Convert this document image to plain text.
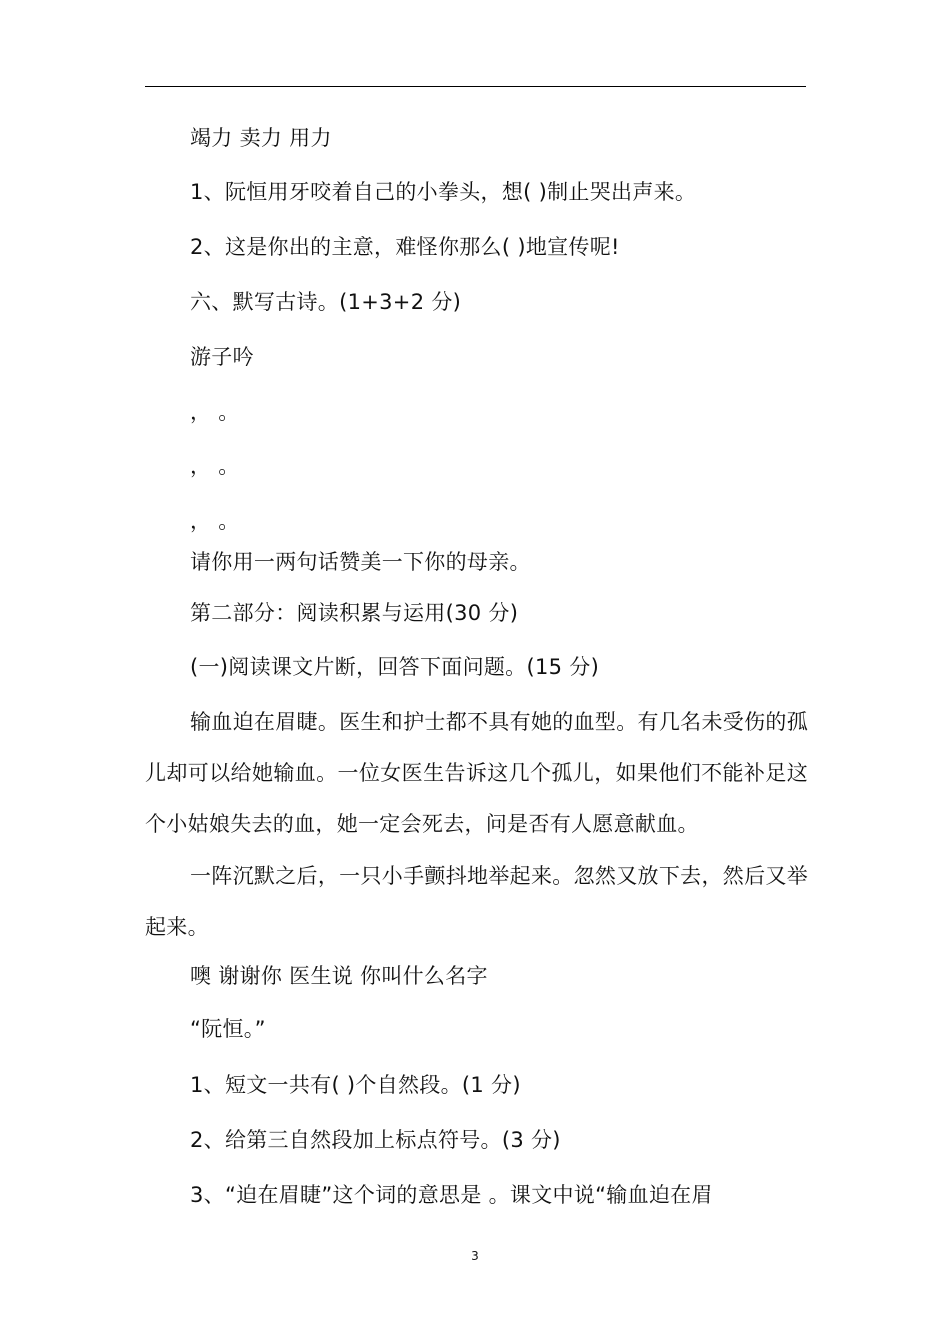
竭力 卖力 用力
1、阮恒用牙咬着自己的小拳头，想( )制止哭出声来。
2、这是你出的主意，难怪你那么( )地宣传呢!
六、默写古诗。(1+3+2 分)
游子吟
， 。
， 。
， 。
请你用一两句话赞美一下你的母亲。
第二部分：阅读积累与运用(30 分)
(一)阅读课文片断，回答下面问题。(15 分)
输血迫在眉睫。医生和护士都不具有她的血型。有几名未受伤的孤儿却可以给她输血。一位女医生告诉这几个孤儿，如果他们不能补足这个小姑娘失去的血，她一定会死去，问是否有人愿意献血。
一阵沉默之后，一只小手颤抖地举起来。忽然又放下去，然后又举起来。
噢 谢谢你 医生说 你叫什么名字
“阮恒。”
1、短文一共有( )个自然段。(1 分)
2、给第三自然段加上标点符号。(3 分)
3、“迫在眉睫”这个词的意思是 。课文中说“输血迫在眉
3
